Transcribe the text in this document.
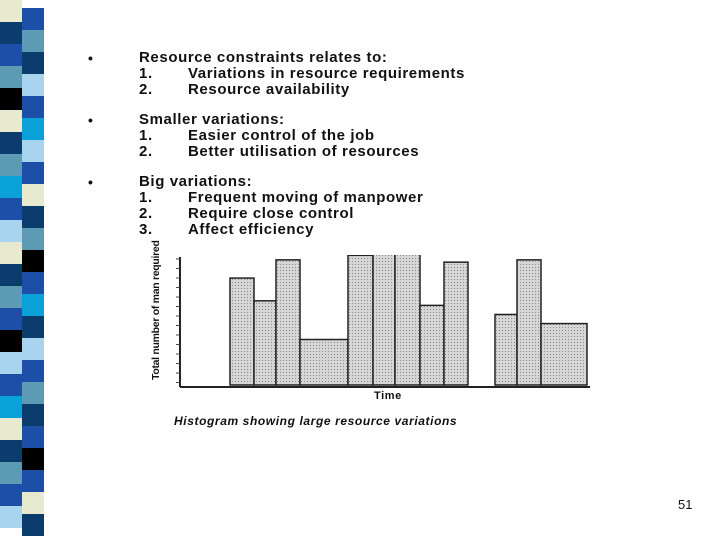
•	Resource constraints relates to:
1. Variations in resource requirements
2. Resource availability
•	Smaller variations:
1. Easier control of the job
2. Better utilisation of resources
•	Big variations:
1. Frequent moving of manpower
2. Require close control
3. Affect efficiency
Total number of man required
Time
Histogram showing large resource variations
51
